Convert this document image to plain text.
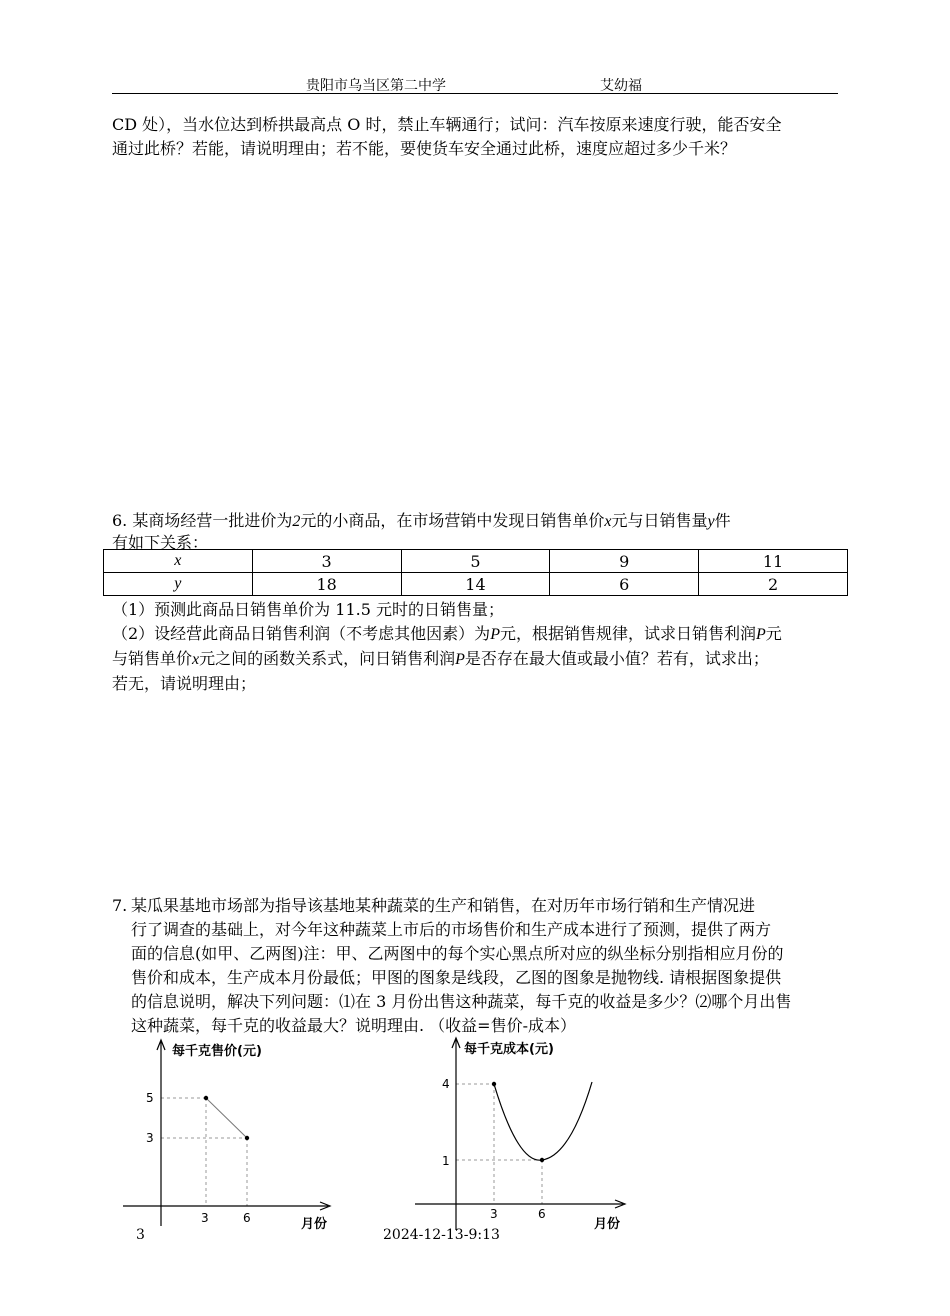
贵阳市乌当区第二中学	艾幼福
CD 处），当水位达到桥拱最高点 O 时，禁止车辆通行；试问：汽车按原来速度行驶，能否安全
通过此桥？若能，请说明理由；若不能，要使货车安全通过此桥，速度应超过多少千米？
6. 某商场经营一批进价为2元的小商品，在市场营销中发现日销售单价x元与日销售量y件
有如下关系：
x	3	5	9	11
y	18	14	6	2
（1）预测此商品日销售单价为 11.5 元时的日销售量；
（2）设经营此商品日销售利润（不考虑其他因素）为P元，根据销售规律，试求日销售利润P元
与销售单价x元之间的函数关系式，问日销售利润P是否存在最大值或最小值？若有，试求出；
若无，请说明理由；
7. 某瓜果基地市场部为指导该基地某种蔬菜的生产和销售，在对历年市场行销和生产情况进
行了调查的基础上，对今年这种蔬菜上市后的市场售价和生产成本进行了预测，提供了两方
面的信息(如甲、乙两图)注：甲、乙两图中的每个实心黑点所对应的纵坐标分别指相应月份的
售价和成本，生产成本月份最低；甲图的图象是线段，乙图的图象是抛物线. 请根据图象提供
的信息说明，解决下列问题：⑴在 3 月份出售这种蔬菜，每千克的收益是多少？⑵哪个月出售
这种蔬菜，每千克的收益最大？说明理由. （收益=售价-成本）
每千克售价(元)
月份
5
3
3	6
每千克成本(元)
月份
4
1
3	6
3	2024-12-13-9:13
